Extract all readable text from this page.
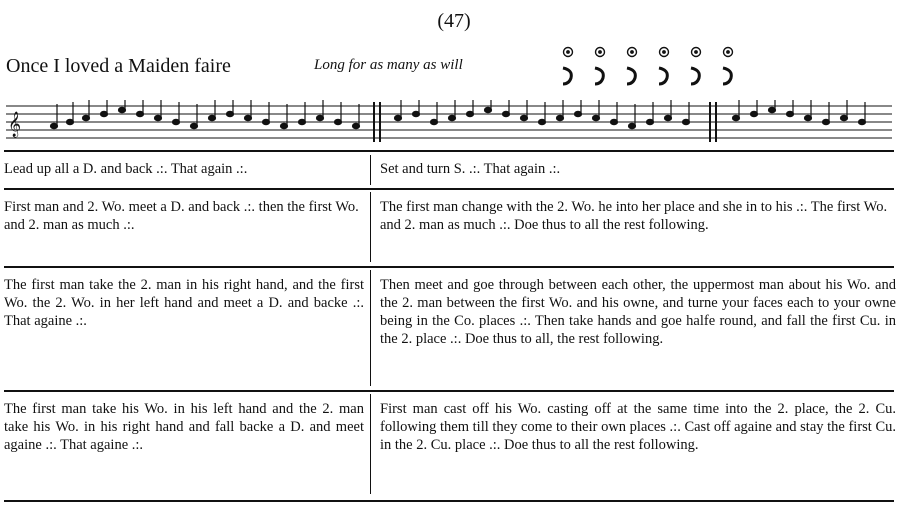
(47)
Once I loved a Maiden faire	Long for as many as will
𝄞
Lead up all a D. and back .:. That again .:.	Set and turn S. .:. That again .:.
First man and 2. Wo. meet a D. and back .:. then the first Wo. and 2. man as much .:.
The first man change with the 2. Wo. he into her place and she in to his .:. The first Wo. and 2. man as much .:. Doe thus to all the rest following.
The first man take the 2. man in his right hand, and the first Wo. the 2. Wo. in her left hand and meet a D. and backe .:. That againe .:.
Then meet and goe through between each other, the uppermost man about his Wo. and the 2. man between the first Wo. and his owne, and turne your faces each to your owne being in the Co. places .:. Then take hands and goe halfe round, and fall the first Cu. in the 2. place .:. Doe thus to all, the rest following.
The first man take his Wo. in his left hand and the 2. man take his Wo. in his right hand and fall backe a D. and meet againe .:. That againe .:.
First man cast off his Wo. casting off at the same time into the 2. place, the 2. Cu. following them till they come to their own places .:. Cast off againe and stay the first Cu. in the 2. Cu. place .:. Doe thus to all the rest following.
